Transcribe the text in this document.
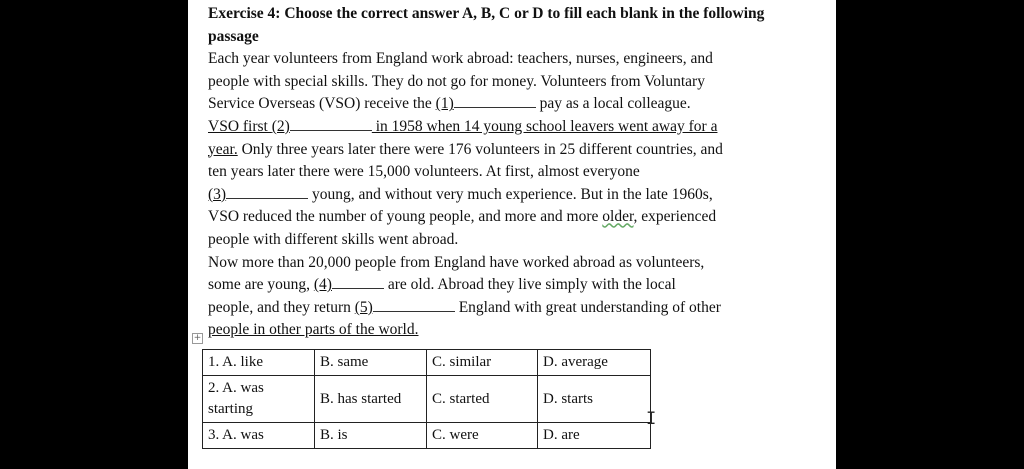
Exercise 4: Choose the correct answer A, B, C or D to fill each blank in the following passage
Each year volunteers from England work abroad: teachers, nurses, engineers, and
people with special skills. They do not go for money. Volunteers from Voluntary
Service Overseas (VSO) receive the (1)	pay as a local colleague.
VSO first (2)	in 1958 when 14 young school leavers went away for a
year. Only three years later there were 176 volunteers in 25 different countries, and
ten years later there were 15,000 volunteers. At first, almost everyone
(3)	young, and without very much experience. But in the late 1960s,
VSO reduced the number of young people, and more and more older, experienced
people with different skills went abroad.
Now more than 20,000 people from England have worked abroad as volunteers,
some are young, (4)	are old. Abroad they live simply with the local
people, and they return (5)	England with great understanding of other
people in other parts of the world.
+
1. A. like	B. same	C. similar	D. average
2. A. was starting	B. has started	C. started	D. starts
3. A. was	B. is	C. were	D. are
I
